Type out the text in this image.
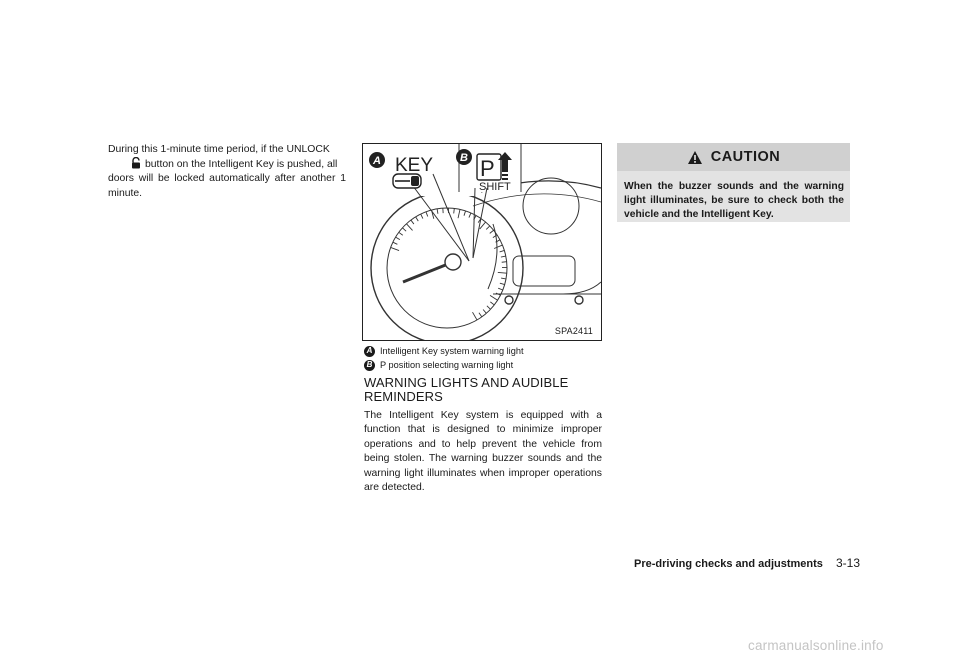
During this 1-minute time period, if the UNLOCK
button on the Intelligent Key is pushed, all
doors will be locked automatically after another 1 minute.
A	B
KEY P
SHIFT
SPA2411
A Intelligent Key system warning light
B P position selecting warning light
WARNING LIGHTS AND AUDIBLE REMINDERS
The Intelligent Key system is equipped with a function that is designed to minimize improper operations and to help prevent the vehicle from being stolen. The warning buzzer sounds and the warning light illuminates when improper operations are detected.
CAUTION
When the buzzer sounds and the warning light illuminates, be sure to check both the vehicle and the Intelligent Key.
Pre-driving checks and adjustments 3-13
carmanualsonline.info
